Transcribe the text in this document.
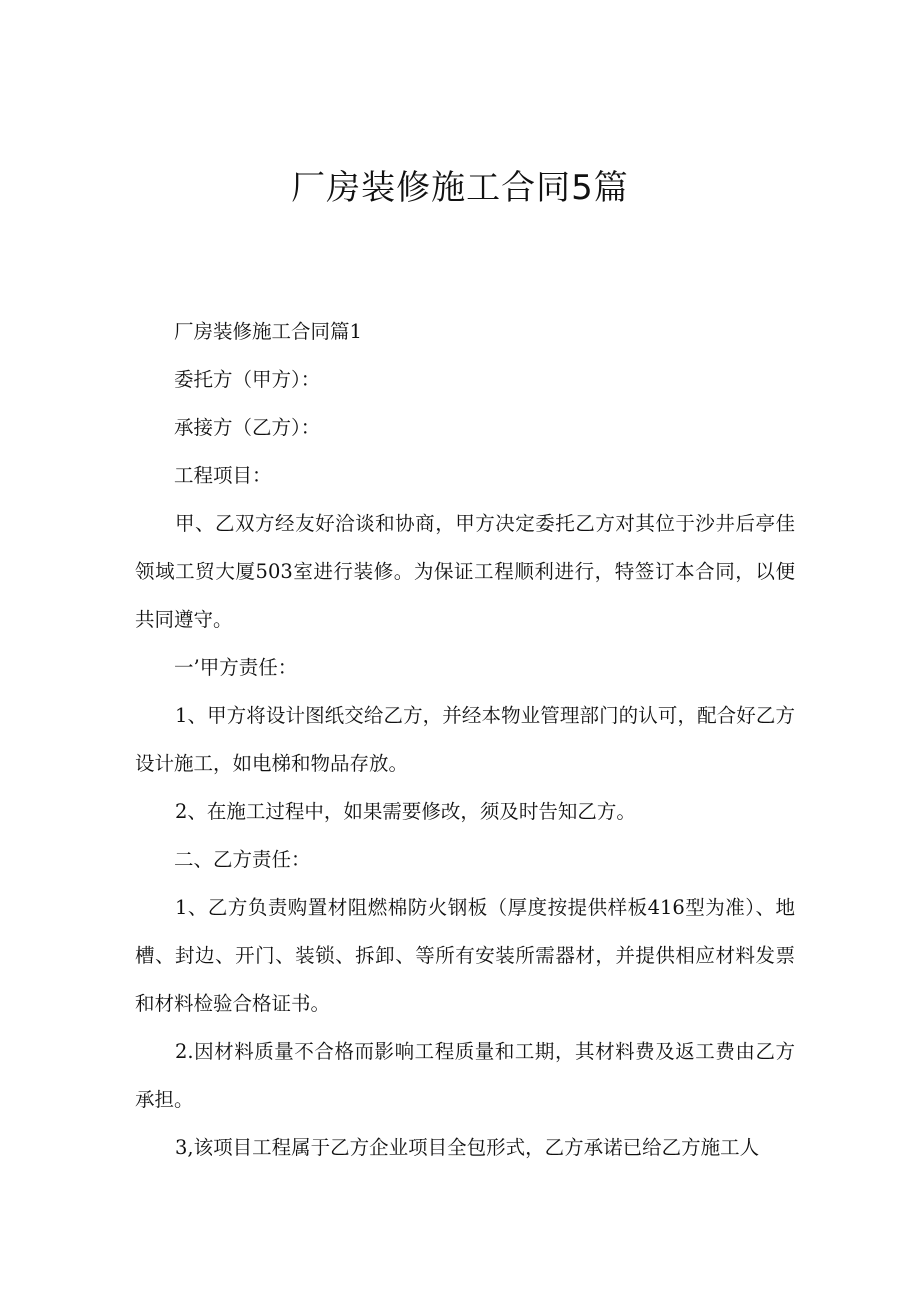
厂房装修施工合同5篇

厂房装修施工合同篇1

委托方（甲方）：

承接方（乙方）：

工程项目：

甲、乙双方经友好洽谈和协商，甲方决定委托乙方对其位于沙井后亭佳领域工贸大厦503室进行装修。为保证工程顺利进行，特签订本合同，以便共同遵守。

一’甲方责任：

1、甲方将设计图纸交给乙方，并经本物业管理部门的认可，配合好乙方设计施工，如电梯和物品存放。

2、在施工过程中，如果需要修改，须及时告知乙方。

二、乙方责任：

1、乙方负责购置材阻燃棉防火钢板（厚度按提供样板416型为准）、地槽、封边、开门、装锁、拆卸、等所有安装所需器材，并提供相应材料发票和材料检验合格证书。

2.因材料质量不合格而影响工程质量和工期，其材料费及返工费由乙方承担。

3,该项目工程属于乙方企业项目全包形式，乙方承诺已给乙方施工人
